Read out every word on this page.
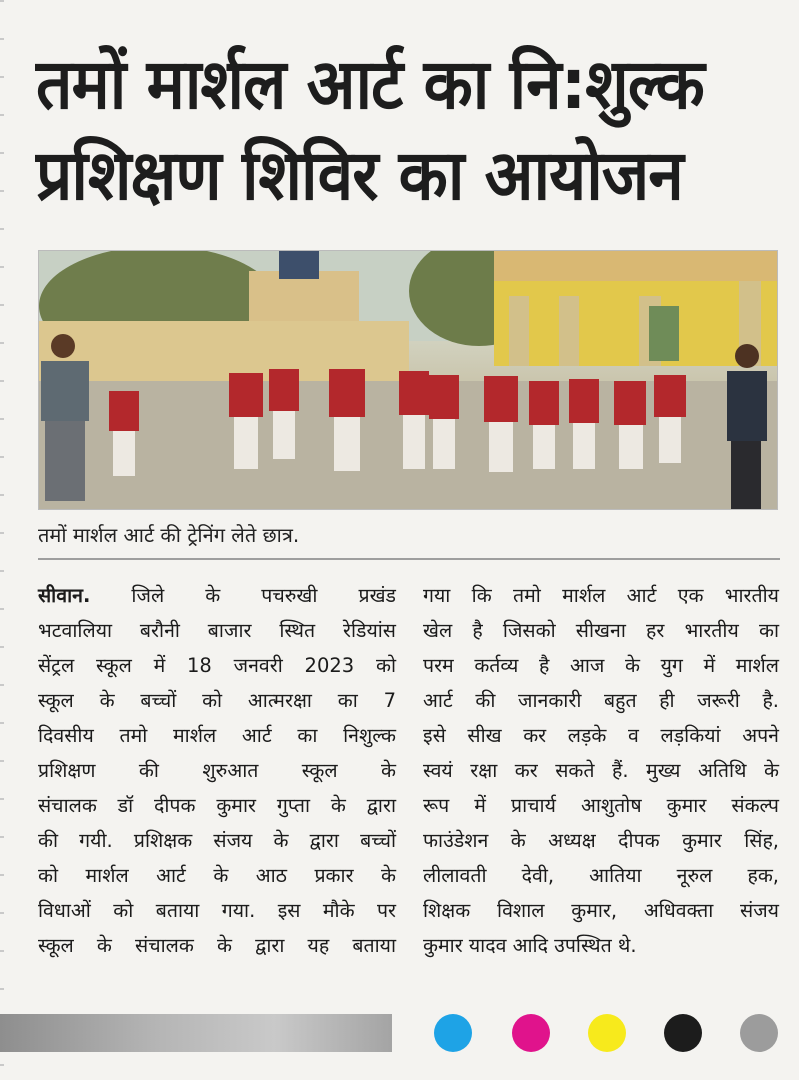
तमों मार्शल आर्ट का नि:शुल्क
प्रशिक्षण शिविर का आयोजन
तमों मार्शल आर्ट की ट्रेनिंग लेते छात्र.
सीवान. जिले के पचरुखी प्रखंड
भटवालिया बरौनी बाजार स्थित रेडियांस
सेंट्रल स्कूल में 18 जनवरी 2023 को
स्कूल के बच्चों को आत्मरक्षा का 7
दिवसीय तमो मार्शल आर्ट का निशुल्क
प्रशिक्षण की शुरुआत स्कूल के
संचालक डॉ दीपक कुमार गुप्ता के द्वारा
की गयी. प्रशिक्षक संजय के द्वारा बच्चों
को मार्शल आर्ट के आठ प्रकार के
विधाओं को बताया गया. इस मौके पर
स्कूल के संचालक के द्वारा यह बताया
गया कि तमो मार्शल आर्ट एक भारतीय
खेल है जिसको सीखना हर भारतीय का
परम कर्तव्य है आज के युग में मार्शल
आर्ट की जानकारी बहुत ही जरूरी है.
इसे सीख कर लड़के व लड़कियां अपने
स्वयं रक्षा कर सकते हैं. मुख्य अतिथि के
रूप में प्राचार्य आशुतोष कुमार संकल्प
फाउंडेशन के अध्यक्ष दीपक कुमार सिंह,
लीलावती देवी, आतिया नूरुल हक,
शिक्षक विशाल कुमार, अधिवक्ता संजय
कुमार यादव आदि उपस्थित थे.
